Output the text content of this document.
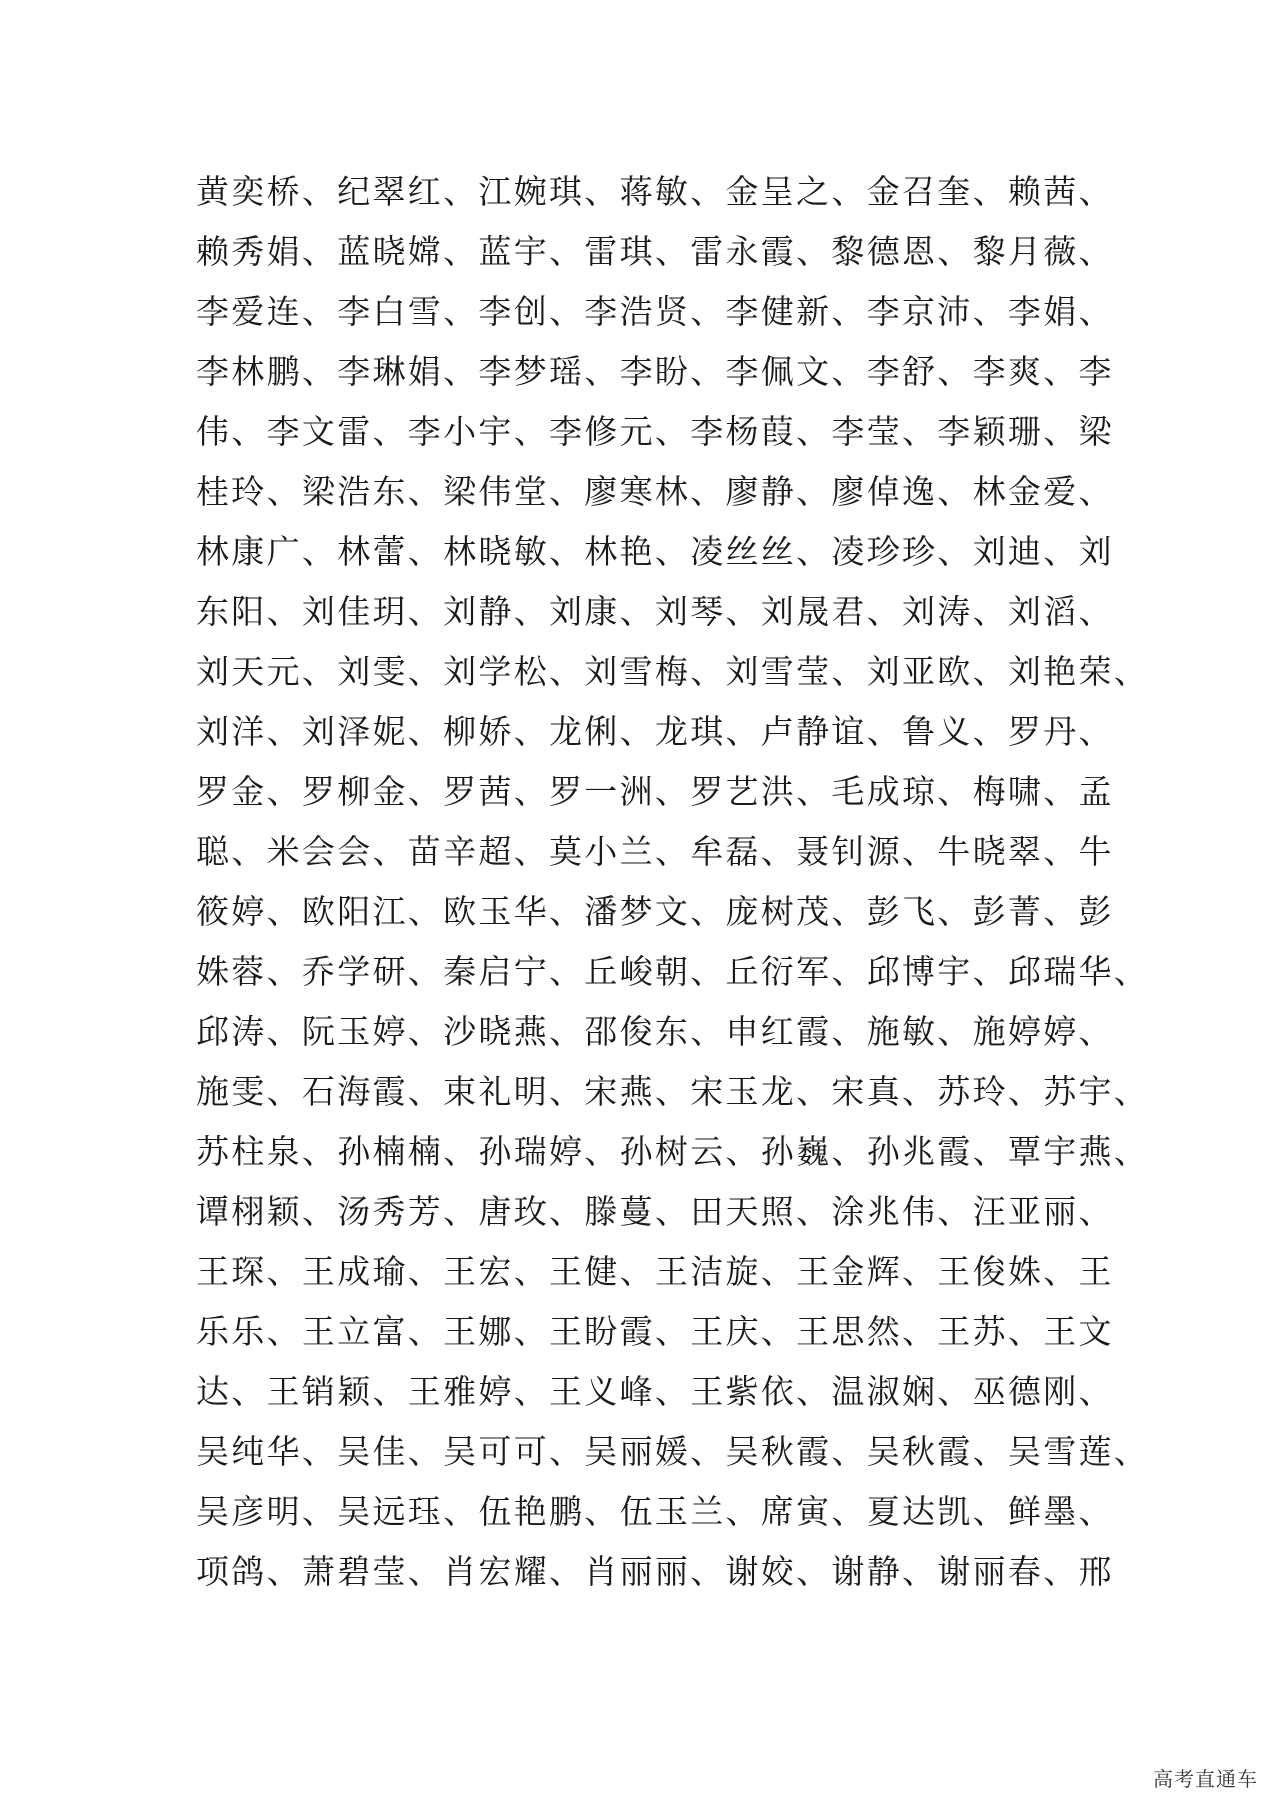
黄奕桥、纪翠红、江婉琪、蒋敏、金呈之、金召奎、赖茜、
赖秀娟、蓝晓嫦、蓝宇、雷琪、雷永霞、黎德恩、黎月薇、
李爱连、李白雪、李创、李浩贤、李健新、李京沛、李娟、
李林鹏、李琳娟、李梦瑶、李盼、李佩文、李舒、李爽、李
伟、李文雷、李小宇、李修元、李杨葭、李莹、李颖珊、梁
桂玲、梁浩东、梁伟堂、廖寒林、廖静、廖倬逸、林金爱、
林康广、林蕾、林晓敏、林艳、凌丝丝、凌珍珍、刘迪、刘
东阳、刘佳玥、刘静、刘康、刘琴、刘晟君、刘涛、刘滔、
刘天元、刘雯、刘学松、刘雪梅、刘雪莹、刘亚欧、刘艳荣、
刘洋、刘泽妮、柳娇、龙俐、龙琪、卢静谊、鲁义、罗丹、
罗金、罗柳金、罗茜、罗一洲、罗艺洪、毛成琼、梅啸、孟
聪、米会会、苗辛超、莫小兰、牟磊、聂钊源、牛晓翠、牛
筱婷、欧阳江、欧玉华、潘梦文、庞树茂、彭飞、彭菁、彭
姝蓉、乔学研、秦启宁、丘峻朝、丘衍军、邱博宇、邱瑞华、
邱涛、阮玉婷、沙晓燕、邵俊东、申红霞、施敏、施婷婷、
施雯、石海霞、束礼明、宋燕、宋玉龙、宋真、苏玲、苏宇、
苏柱泉、孙楠楠、孙瑞婷、孙树云、孙巍、孙兆霞、覃宇燕、
谭栩颖、汤秀芳、唐玫、滕蔓、田天照、涂兆伟、汪亚丽、
王琛、王成瑜、王宏、王健、王洁旋、王金辉、王俊姝、王
乐乐、王立富、王娜、王盼霞、王庆、王思然、王苏、王文
达、王销颖、王雅婷、王义峰、王紫依、温淑娴、巫德刚、
吴纯华、吴佳、吴可可、吴丽媛、吴秋霞、吴秋霞、吴雪莲、
吴彦明、吴远珏、伍艳鹏、伍玉兰、席寅、夏达凯、鲜墨、
项鸽、萧碧莹、肖宏耀、肖丽丽、谢姣、谢静、谢丽春、邢
高考直通车
